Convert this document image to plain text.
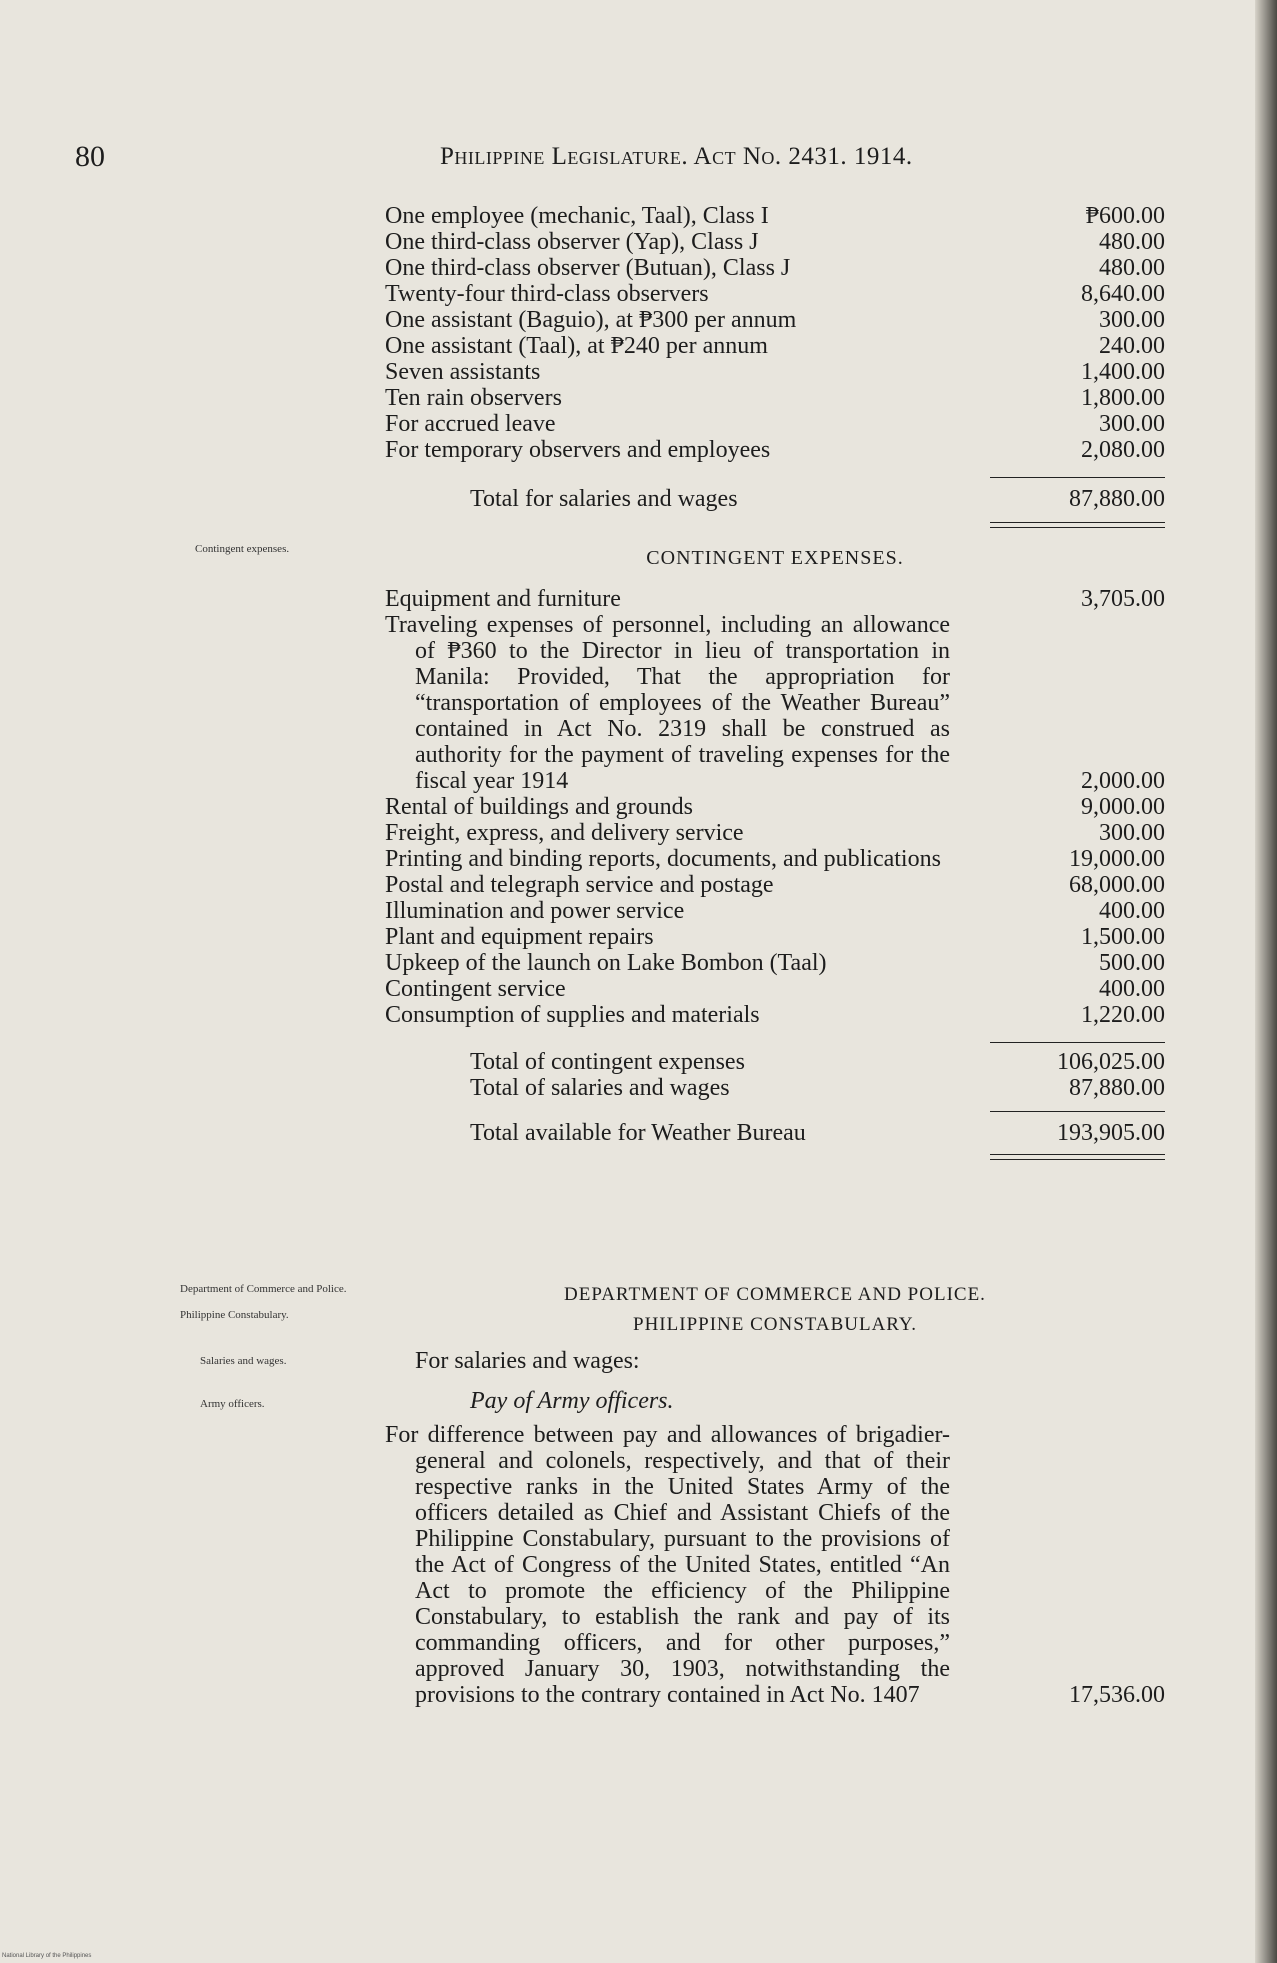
80	Philippine Legislature. Act No. 2431. 1914.
One employee (mechanic, Taal), Class I	₱600.00
One third-class observer (Yap), Class J	480.00
One third-class observer (Butuan), Class J	480.00
Twenty-four third-class observers	8,640.00
One assistant (Baguio), at ₱300 per annum	300.00
One assistant (Taal), at ₱240 per annum	240.00
Seven assistants	1,400.00
Ten rain observers	1,800.00
For accrued leave	300.00
For temporary observers and employees	2,080.00
Total for salaries and wages	87,880.00
Contingent expenses.	CONTINGENT EXPENSES.
Equipment and furniture	3,705.00
Traveling expenses of personnel, including an allowance of ₱360 to the Director in lieu of transportation in Manila: Provided, That the appropriation for “transportation of employees of the Weather Bureau” contained in Act No. 2319 shall be construed as authority for the payment of traveling expenses for the fiscal year 1914	2,000.00
Rental of buildings and grounds	9,000.00
Freight, express, and delivery service	300.00
Printing and binding reports, documents, and publications	19,000.00
Postal and telegraph service and postage	68,000.00
Illumination and power service	400.00
Plant and equipment repairs	1,500.00
Upkeep of the launch on Lake Bombon (Taal)	500.00
Contingent service	400.00
Consumption of supplies and materials	1,220.00
Total of contingent expenses	106,025.00
Total of salaries and wages	87,880.00
Total available for Weather Bureau	193,905.00
Department of Commerce and Police.
Philippine Constabulary.
Salaries and wages.
Army officers.
DEPARTMENT OF COMMERCE AND POLICE.
PHILIPPINE CONSTABULARY.
For salaries and wages:
Pay of Army officers.
For difference between pay and allowances of brigadier-general and colonels, respectively, and that of their respective ranks in the United States Army of the officers detailed as Chief and Assistant Chiefs of the Philippine Constabulary, pursuant to the provisions of the Act of Congress of the United States, entitled “An Act to promote the efficiency of the Philippine Constabulary, to establish the rank and pay of its commanding officers, and for other purposes,” approved January 30, 1903, notwithstanding the provisions to the contrary contained in Act No. 1407	17,536.00
National Library of the Philippines
